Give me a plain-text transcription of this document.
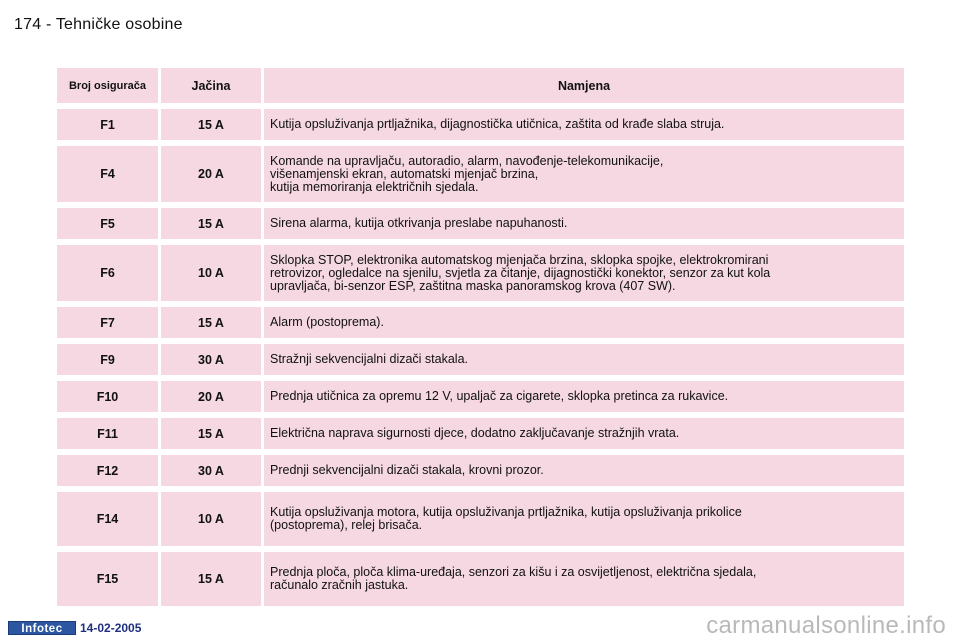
174 - Tehničke osobine
Broj osigurača	Jačina	Namjena
F1	15 A	Kutija opsluživanja prtljažnika, dijagnostička utičnica, zaštita od krađe slaba struja.
F4	20 A	Komande na upravljaču, autoradio, alarm, navođenje-telekomunikacije,
višenamjenski ekran, automatski mjenjač brzina,
kutija memoriranja električnih sjedala.
F5	15 A	Sirena alarma, kutija otkrivanja preslabe napuhanosti.
F6	10 A	Sklopka STOP, elektronika automatskog mjenjača brzina, sklopka spojke, elektrokromirani
retrovizor, ogledalce na sjenilu, svjetla za čitanje, dijagnostički konektor, senzor za kut kola
upravljača, bi-senzor ESP, zaštitna maska panoramskog krova (407 SW).
F7	15 A	Alarm (postoprema).
F9	30 A	Stražnji sekvencijalni dizači stakala.
F10	20 A	Prednja utičnica za opremu 12 V, upaljač za cigarete, sklopka pretinca za rukavice.
F11	15 A	Električna naprava sigurnosti djece, dodatno zaključavanje stražnjih vrata.
F12	30 A	Prednji sekvencijalni dizači stakala, krovni prozor.
F14	10 A	Kutija opsluživanja motora, kutija opsluživanja prtljažnika, kutija opsluživanja prikolice
(postoprema), relej brisača.
F15	15 A	Prednja ploča, ploča klima-uređaja, senzori za kišu i za osvijetljenost, električna sjedala,
računalo zračnih jastuka.
Infotec	14-02-2005	carmanualsonline.info
